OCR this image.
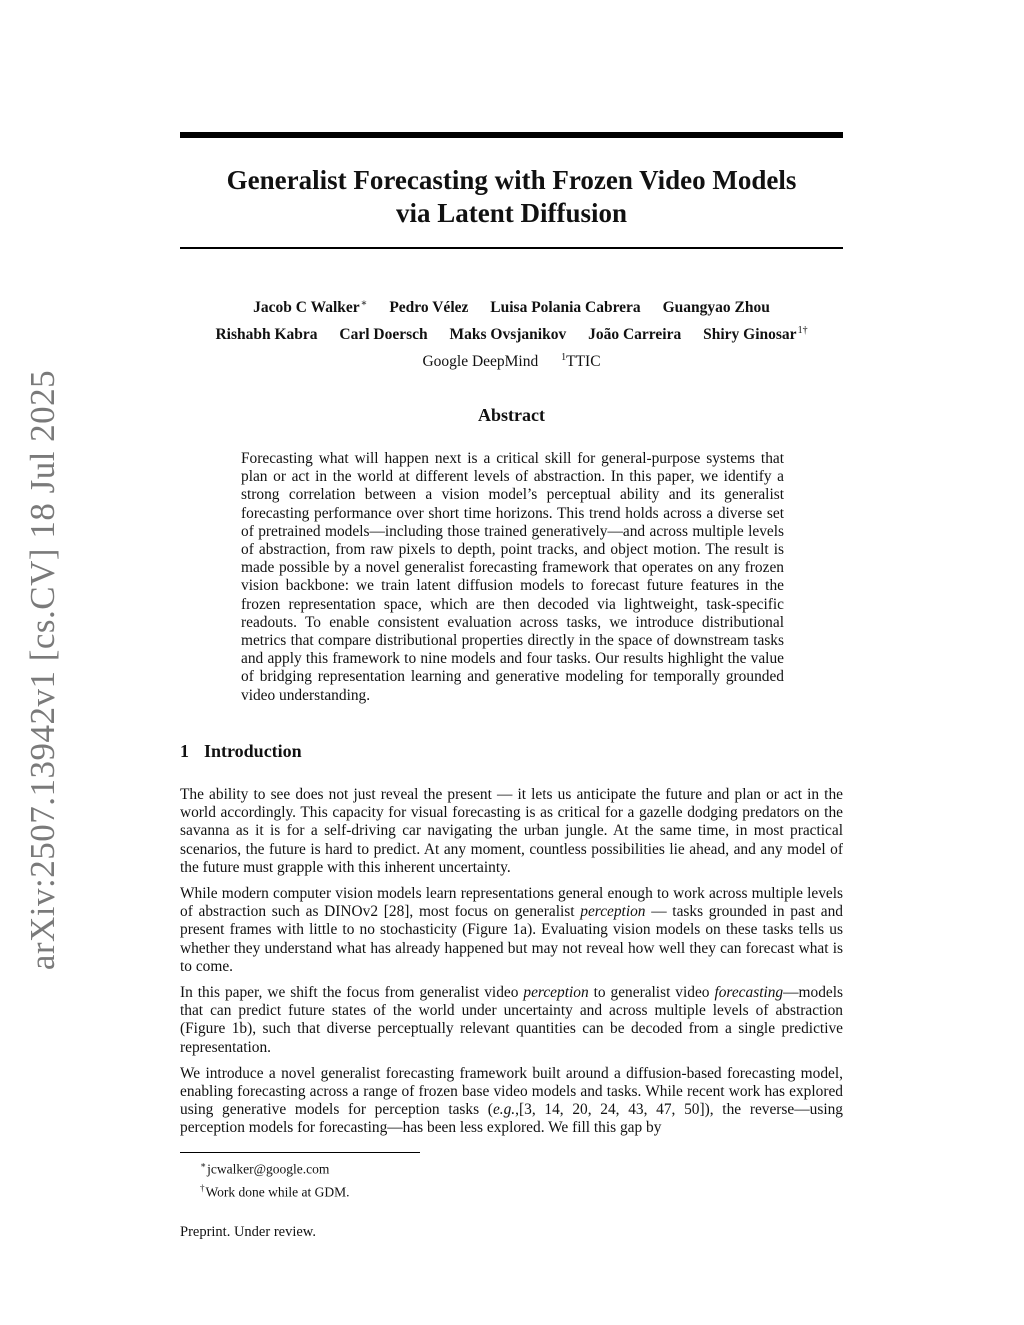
arXiv:2507.13942v1 [cs.CV] 18 Jul 2025
Generalist Forecasting with Frozen Video Models
via Latent Diffusion
Jacob C Walker∗ Pedro Vélez Luisa Polania Cabrera Guangyao Zhou
Rishabh Kabra Carl Doersch Maks Ovsjanikov João Carreira Shiry Ginosar$^{1\dagger}$
Google DeepMind $^1$TTIC
Abstract

Forecasting what will happen next is a critical skill for general-purpose systems that plan or act in the world at different levels of abstraction. In this paper, we identify a strong correlation between a vision model’s perceptual ability and its generalist forecasting performance over short time horizons. This trend holds across a diverse set of pretrained models—including those trained generatively—and across multiple levels of abstraction, from raw pixels to depth, point tracks, and object motion. The result is made possible by a novel generalist forecasting framework that operates on any frozen vision backbone: we train latent diffusion models to forecast future features in the frozen representation space, which are then decoded via lightweight, task-specific readouts. To enable consistent evaluation across tasks, we introduce distributional metrics that compare distributional properties directly in the space of downstream tasks and apply this framework to nine models and four tasks. Our results highlight the value of bridging representation learning and generative modeling for temporally grounded video understanding.

1 Introduction

The ability to see does not just reveal the present — it lets us anticipate the future and plan or act in the world accordingly. This capacity for visual forecasting is as critical for a gazelle dodging predators on the savanna as it is for a self-driving car navigating the urban jungle. At the same time, in most practical scenarios, the future is hard to predict. At any moment, countless possibilities lie ahead, and any model of the future must grapple with this inherent uncertainty.

While modern computer vision models learn representations general enough to work across multiple levels of abstraction such as DINOv2 [28], most focus on generalist perception — tasks grounded in past and present frames with little to no stochasticity (Figure 1a). Evaluating vision models on these tasks tells us whether they understand what has already happened but may not reveal how well they can forecast what is to come.

In this paper, we shift the focus from generalist video perception to generalist video forecasting—models that can predict future states of the world under uncertainty and across multiple levels of abstraction (Figure 1b), such that diverse perceptually relevant quantities can be decoded from a single predictive representation.

We introduce a novel generalist forecasting framework built around a diffusion-based forecasting model, enabling forecasting across a range of frozen base video models and tasks. While recent work has explored using generative models for perception tasks (e.g.,[3, 14, 20, 24, 43, 47, 50]), the reverse—using perception models for forecasting—has been less explored. We fill this gap by

∗jcwalker@google.com
†Work done while at GDM.
Preprint. Under review.
